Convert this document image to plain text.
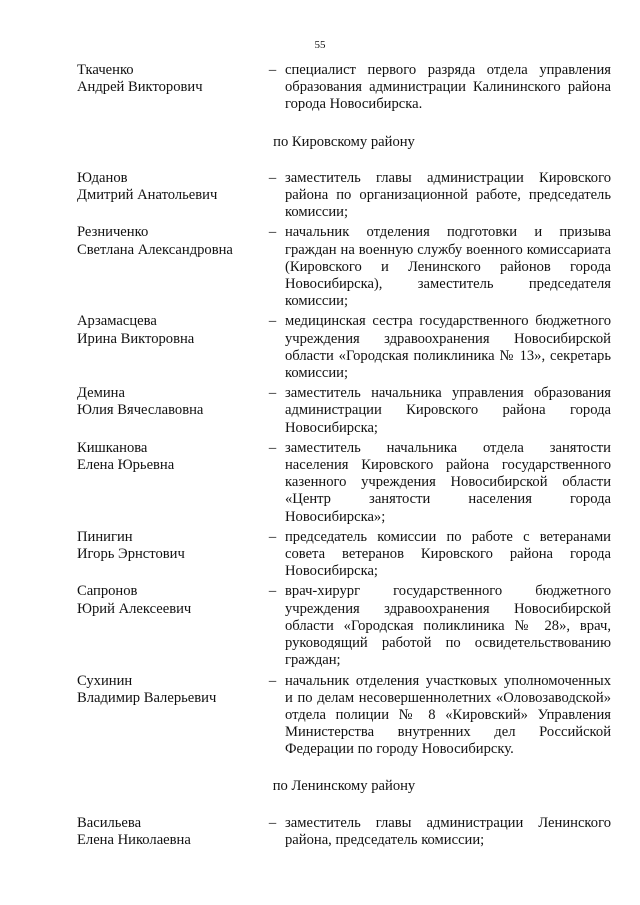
55
Ткаченко
Андрей Викторович
– специалист первого разряда отдела управления образования администрации Калининского района города Новосибирска.
по Кировскому району
Юданов
Дмитрий Анатольевич
– заместитель главы администрации Кировского района по организационной работе, председатель комиссии;
Резниченко
Светлана Александровна
– начальник отделения подготовки и призыва граждан на военную службу военного комиссариата (Кировского и Ленинского районов города Новосибирска), заместитель председателя комиссии;
Арзамасцева
Ирина Викторовна
– медицинская сестра государственного бюджетного учреждения здравоохранения Новосибирской области «Городская поликлиника № 13», секретарь комиссии;
Демина
Юлия Вячеславовна
– заместитель начальника управления образования администрации Кировского района города Новосибирска;
Кишканова
Елена Юрьевна
– заместитель начальника отдела занятости населения Кировского района государственного казенного учреждения Новосибирской области «Центр занятости населения города Новосибирска»;
Пинигин
Игорь Эрнстович
– председатель комиссии по работе с ветеранами совета ветеранов Кировского района города Новосибирска;
Сапронов
Юрий Алексеевич
– врач-хирург государственного бюджетного учреждения здравоохранения Новосибирской области «Городская поликлиника № 28», врач, руководящий работой по освидетельствованию граждан;
Сухинин
Владимир Валерьевич
– начальник отделения участковых уполномоченных и по делам несовершеннолетних «Оловозаводской» отдела полиции № 8 «Кировский» Управления Министерства внутренних дел Российской Федерации по городу Новосибирску.
по Ленинскому району
Васильева
Елена Николаевна
– заместитель главы администрации Ленинского района, председатель комиссии;
